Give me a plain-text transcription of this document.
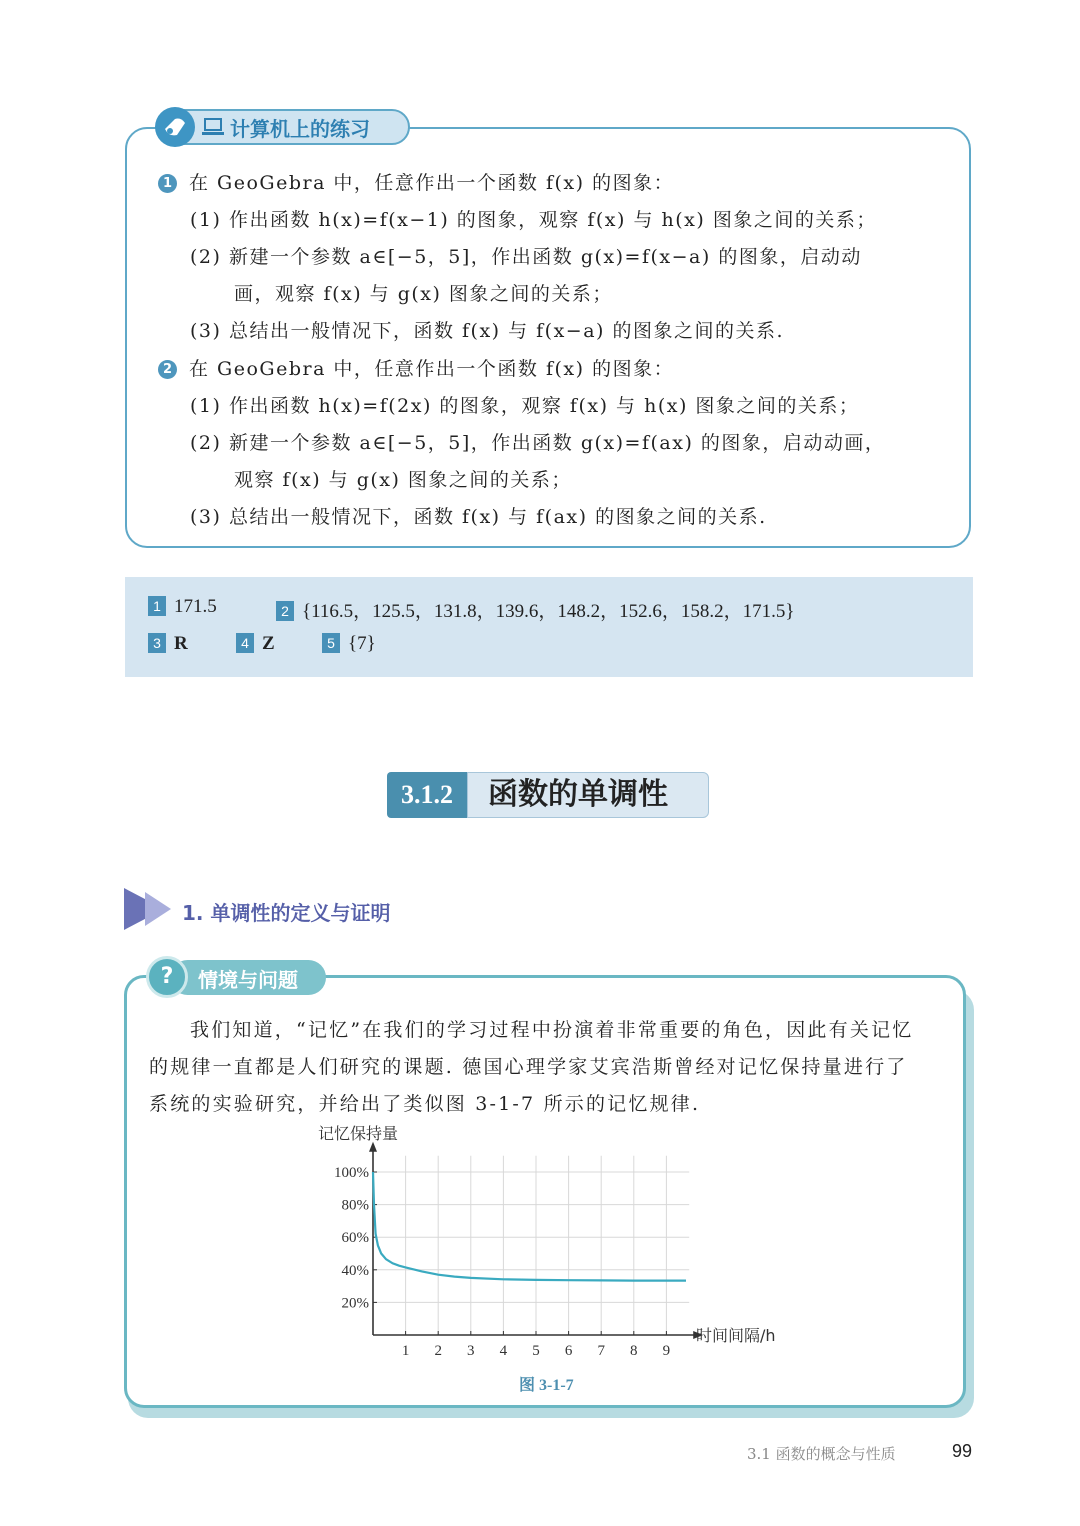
计算机上的练习
1 在 GeoGebra 中，任意作出一个函数 f(x) 的图象：
(1) 作出函数 h(x)=f(x−1) 的图象，观察 f(x) 与 h(x) 图象之间的关系；
(2) 新建一个参数 a∈[−5，5]，作出函数 g(x)=f(x−a) 的图象，启动动
画，观察 f(x) 与 g(x) 图象之间的关系；
(3) 总结出一般情况下，函数 f(x) 与 f(x−a) 的图象之间的关系.
2 在 GeoGebra 中，任意作出一个函数 f(x) 的图象：
(1) 作出函数 h(x)=f(2x) 的图象，观察 f(x) 与 h(x) 图象之间的关系；
(2) 新建一个参数 a∈[−5，5]，作出函数 g(x)=f(ax) 的图象，启动动画，
观察 f(x) 与 g(x) 图象之间的关系；
(3) 总结出一般情况下，函数 f(x) 与 f(ax) 的图象之间的关系.
1 171.5	2 {116.5，125.5，131.8，139.6，148.2，152.6，158.2，171.5}
3 R	4 Z	5 {7}
3.1.2	函数的单调性
1. 单调性的定义与证明
?	情境与问题
我们知道，“记忆”在我们的学习过程中扮演着非常重要的角色，因此有关记忆
的规律一直都是人们研究的课题. 德国心理学家艾宾浩斯曾经对记忆保持量进行了
系统的实验研究，并给出了类似图 3-1-7 所示的记忆规律.
1 2 3 4 5 6 7 8 9
20%
40%
60%
80%
100%
记忆保持量
时间间隔/h
图 3-1-7
3.1 函数的概念与性质	99
